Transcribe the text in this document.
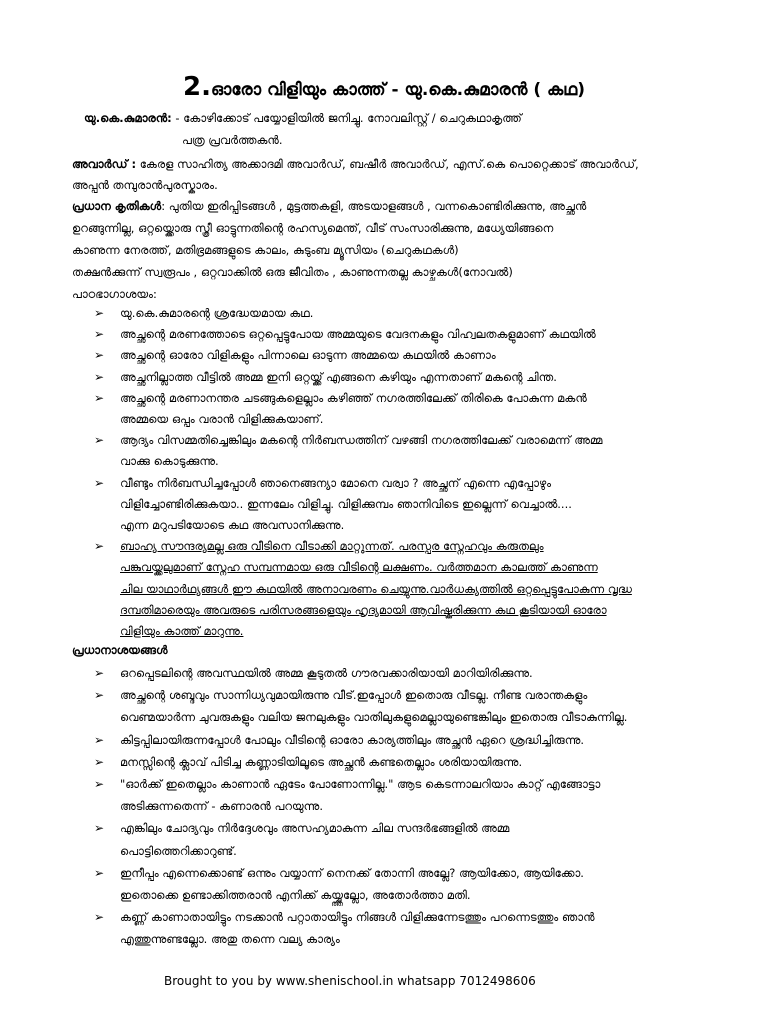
2.ഓരോ വിളിയും കാത്ത് - യു.കെ.കുമാരൻ ( കഥ)
യു.കെ.കുമാരൻ: - കോഴിക്കോട് പയ്യോളിയിൽ ജനിച്ചു. നോവലിസ്റ്റ് / ചെറുകഥാകൃത്ത്
പത്ര പ്രവർത്തകൻ.
അവാർഡ് : കേരള സാഹിത്യ അക്കാദമി അവാർഡ്, ബഷീർ അവാർഡ്, എസ്.കെ പൊറ്റെക്കാട് അവാർഡ്,
അപ്പൻ തമ്പുരാൻപുരസ്കാരം.
പ്രധാന കൃതികൾ: പുതിയ ഇരിപ്പിടങ്ങൾ , മുട്ടത്തകളി, അടയാളങ്ങൾ , വന്നകൊണ്ടിരിക്കുന്നു, അച്ഛൻ
ഉറങ്ങുന്നില്ല, ഒറ്റയ്ക്കൊരു സ്ത്രീ ഓട്ടുന്നതിന്റെ രഹസ്യമെന്ത്, വീട് സംസാരിക്കുന്നു, മധ്യേയിങ്ങനെ
കാണുന്ന നേരത്ത്, മതിഭ്രമങ്ങളുടെ കാലം, കുടുംബ മ്യൂസിയം (ചെറുകഥകൾ)
തക്ഷൻക്കുന്ന് സ്വരൂപം , ഒറ്റവാക്കിൽ ഒരു ജീവിതം , കാണുന്നതല്ല കാഴ്ചകൾ(നോവൽ)
പാഠഭാഗാശയം:
➢ യു.കെ.കുമാരന്റെ ശ്രദ്ധേയമായ കഥ.
➢ അച്ഛന്റെ മരണത്തോടെ ഒറ്റപ്പെട്ടുപോയ അമ്മയുടെ വേദനകളും വിഹ്വലതകളുമാണ് കഥയിൽ
➢ അച്ഛന്റെ ഓരോ വിളികളും പിന്നാലെ ഓടുന്ന അമ്മയെ കഥയിൽ കാണാം
➢ അച്ഛനില്ലാത്ത വീട്ടിൽ അമ്മ ഇനി ഒറ്റയ്ക്ക് എങ്ങനെ കഴിയും എന്നതാണ് മകന്റെ ചിന്ത.
➢ അച്ഛന്റെ മരണാനന്തര ചടങ്ങുകളെല്ലാം കഴിഞ്ഞ് നഗരത്തിലേക്ക് തിരികെ പോകുന്ന മകൻ
അമ്മയെ ഒപ്പം വരാൻ വിളിക്കുകയാണ്.
➢ ആദ്യം വിസമ്മതിച്ചെങ്കിലും മകന്റെ നിർബന്ധത്തിന് വഴങ്ങി നഗരത്തിലേക്ക് വരാമെന്ന് അമ്മ
വാക്കു കൊടുക്കുന്നു.
➢ വീണ്ടും നിർബന്ധിച്ചപ്പോൾ ഞാനെങ്ങന്യാ മോനെ വര്വാ ? അച്ഛന് എന്നെ എപ്പോഴും
വിളിച്ചോണ്ടിരിക്കുകയാ.. ഇന്നലേം വിളിച്ചു. വിളിക്കുമ്പം ഞാനിവിടെ ഇല്ലെന്ന് വെച്ചാൽ....
എന്ന മറുപടിയോടെ കഥ അവസാനിക്കുന്നു.
➢ ബാഹ്യ സൗന്ദര്യമല്ല ഒരു വീടിനെ വീടാക്കി മാറ്റുന്നത്. പരസ്പര സ്നേഹവും കരുതലും
പങ്കുവയ്ക്കലുമാണ് സ്നേഹ സമ്പന്നമായ ഒരു വീടിന്റെ ലക്ഷണം. വർത്തമാന കാലത്ത് കാണുന്ന
ചില യാഥാർഥ്യങ്ങൾ ഈ കഥയിൽ അനാവരണം ചെയ്യുന്നു.വാർധക്യത്തിൽ ഒറ്റപ്പെട്ടുപോകുന്ന വൃദ്ധ
ദമ്പതിമാരെയും അവരുടെ പരിസരങ്ങളെയും ഹൃദ്യമായി ആവിഷ്കരിക്കുന്ന കഥ കൂടിയായി ഓരോ
വിളിയും കാത്ത് മാറുന്നു.
പ്രധാനാശയങ്ങൾ
➢ ഒറപ്പെടലിന്റെ അവസ്ഥയിൽ അമ്മ കൂടുതൽ ഗൗരവക്കാരിയായി മാറിയിരിക്കുന്നു.
➢ അച്ഛന്റെ ശബ്ദവും സാന്നിധ്യവുമായിരുന്നു വീട്.ഇപ്പോൾ ഇതൊരു വീടല്ല. നീണ്ട വരാന്തകളും
വെണ്മയാർന്ന ചുവരുകളും വലിയ ജനലുകളും വാതിലുകളുമെല്ലായുണ്ടെങ്കിലും ഇതൊരു വീടാകുന്നില്ല.
➢ കിട്ടപ്പിലായിരുന്നപ്പോൾ പോലും വീടിന്റെ ഓരോ കാര്യത്തിലും അച്ഛൻ ഏറെ ശ്രദ്ധിച്ചിരുന്നു.
➢ മനസ്സിന്റെ ക്ലാവ് പിടിച്ച കണ്ണാടിയിലൂടെ അച്ഛൻ കണ്ടതെല്ലാം ശരിയായിരുന്നു.
➢ "ഓർക്ക് ഇതെല്ലാം കാണാൻ ഏടേം പോണോന്നില്ല." ആട കെടന്നാലറിയാം കാറ്റ് എങ്ങോട്ടാ
അടിക്കുന്നതെന്ന് - കണാരൻ പറയുന്നു.
➢ എങ്കിലും ചോദ്യവും നിർദ്ദേശവും അസഹ്യമാകുന്ന ചില സന്ദർഭങ്ങളിൽ അമ്മ
പൊട്ടിത്തെറിക്കാറുണ്ട്.
➢ ഇനീപ്പം എന്നെക്കൊണ്ട് ഒന്നും വയ്യാന്ന് നെനക്ക് തോന്നി അല്ലേ? ആയിക്കോ, ആയിക്കോ.
ഇതൊക്കെ ഉണ്ടാക്കിത്തരാൻ എനിക്ക് കയ്യ്ത്തല്ലോ, അതോർത്താ മതി.
➢ കണ്ണ് കാണാതായിട്ടും നടക്കാൻ പറ്റാതായിട്ടും നിങ്ങൾ വിളിക്കുന്നേടത്തും പറന്നെടത്തും ഞാൻ
എത്തുന്നുണ്ടല്ലോ. അതു തന്നെ വല്യ കാര്യം
Brought to you by www.shenischool.in whatsapp 7012498606
